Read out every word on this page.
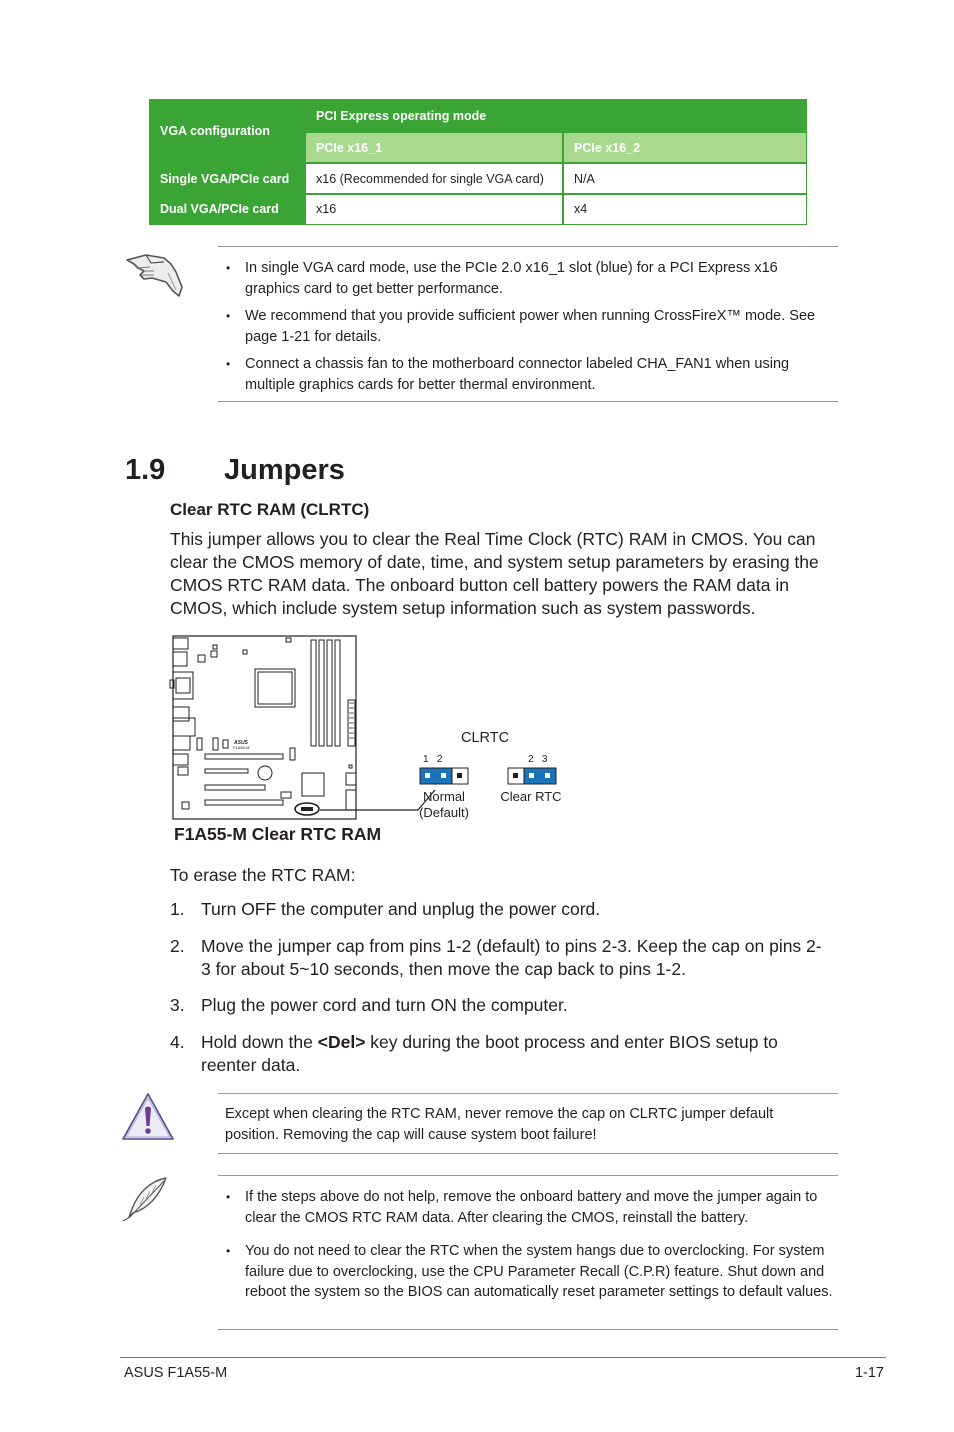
VGA configuration	PCI Express operating mode	
	PCIe x16_1	PCIe x16_2
Single VGA/PCIe card	x16 (Recommended for single VGA card)	N/A
Dual VGA/PCIe card	x16	x4
• In single VGA card mode, use the PCIe 2.0 x16_1 slot (blue) for a PCI Express x16 graphics card to get better performance.
• We recommend that you provide sufficient power when running CrossFireX™ mode. See page 1-21 for details.
• Connect a chassis fan to the motherboard connector labeled CHA_FAN1 when using multiple graphics cards for better thermal environment.
1.9 Jumpers
Clear RTC RAM (CLRTC)
This jumper allows you to clear the Real Time Clock (RTC) RAM in CMOS. You can clear the CMOS memory of date, time, and system setup parameters by erasing the CMOS RTC RAM data. The onboard button cell battery powers the RAM data in CMOS, which include system setup information such as system passwords.
ASUS
F1A55-M
CLRTC
1   2	2   3
Normal
(Default)
Clear RTC
F1A55-M Clear RTC RAM
To erase the RTC RAM:
1. Turn OFF the computer and unplug the power cord.
2. Move the jumper cap from pins 1-2 (default) to pins 2-3. Keep the cap on pins 2-3 for about 5~10 seconds, then move the cap back to pins 1-2.
3. Plug the power cord and turn ON the computer.
4. Hold down the <Del> key during the boot process and enter BIOS setup to reenter data.
Except when clearing the RTC RAM, never remove the cap on CLRTC jumper default position. Removing the cap will cause system boot failure!
• If the steps above do not help, remove the onboard battery and move the jumper again to clear the CMOS RTC RAM data. After clearing the CMOS, reinstall the battery.
• You do not need to clear the RTC when the system hangs due to overclocking. For system failure due to overclocking, use the CPU Parameter Recall (C.P.R) feature. Shut down and reboot the system so the BIOS can automatically reset parameter settings to default values.
ASUS F1A55-M	1-17
